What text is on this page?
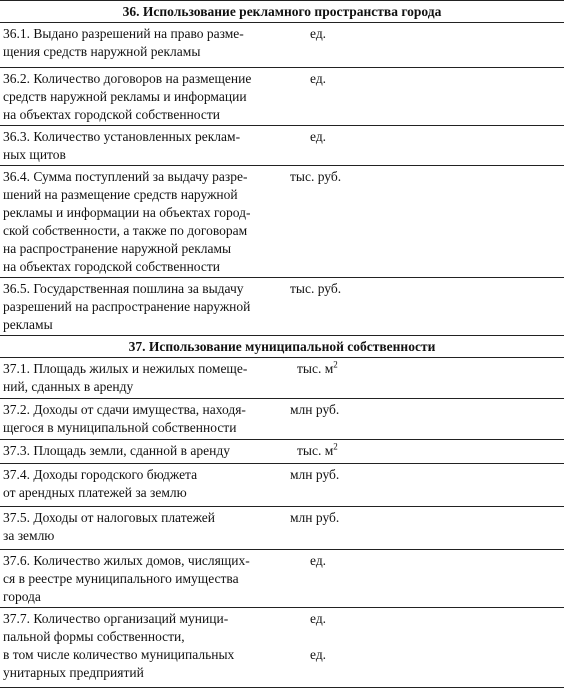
36. Использование рекламного пространства города
36.1. Выдано разрешений на право разме-
щения средств наружной рекламы
ед.
36.2. Количество договоров на размещение
средств наружной рекламы и информации
на объектах городской собственности
ед.
36.3. Количество установленных реклам-
ных щитов
ед.
36.4. Сумма поступлений за выдачу разре-
шений на размещение средств наружной
рекламы и информации на объектах город-
ской собственности, а также по договорам
на распространение наружной рекламы
на объектах городской собственности
тыс. руб.
36.5. Государственная пошлина за выдачу
разрешений на распространение наружной
рекламы
тыс. руб.
37. Использование муниципальной собственности
37.1. Площадь жилых и нежилых помеще-
ний, сданных в аренду
тыс. $м^2$
37.2. Доходы от сдачи имущества, находя-
щегося в муниципальной собственности
млн руб.
37.3. Площадь земли, сданной в аренду	тыс. $м^2$
37.4. Доходы городского бюджета
от арендных платежей за землю
млн руб.
37.5. Доходы от налоговых платежей
за землю
млн руб.
37.6. Количество жилых домов, числящих-
ся в реестре муниципального имущества
города
ед.
37.7. Количество организаций муници-
пальной формы собственности,
в том числе количество муниципальных
унитарных предприятий
ед.

ед.
